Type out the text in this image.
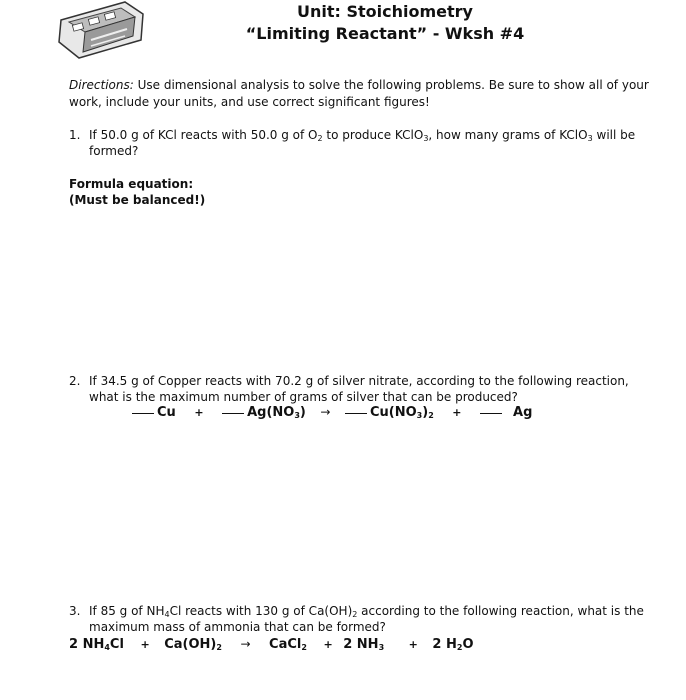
Unit: Stoichiometry
“Limiting Reactant” - Wksh #4
Directions: Use dimensional analysis to solve the following problems. Be sure to show all of your work, include your units, and use correct significant figures!
1. If 50.0 g of KCl reacts with 50.0 g of $O_2$ to produce KClO$_3$, how many grams of KClO$_3$ will be formed?
Formula equation:
(Must be balanced!)
2. If 34.5 g of Copper reacts with 70.2 g of silver nitrate, according to the following reaction, what is the maximum number of grams of silver that can be produced?
Cu +	$Ag(NO_3)$ →	$Cu(NO_3)_2$ +	Ag
3. If 85 g of $NH_4Cl$ reacts with 130 g of $Ca(OH)_2$ according to the following reaction, what is the maximum mass of ammonia that can be formed?
2 $NH_4Cl + Ca(OH)_2$ → CaCl$_2$ + 2 $NH_3 + 2$ $H_2O$
